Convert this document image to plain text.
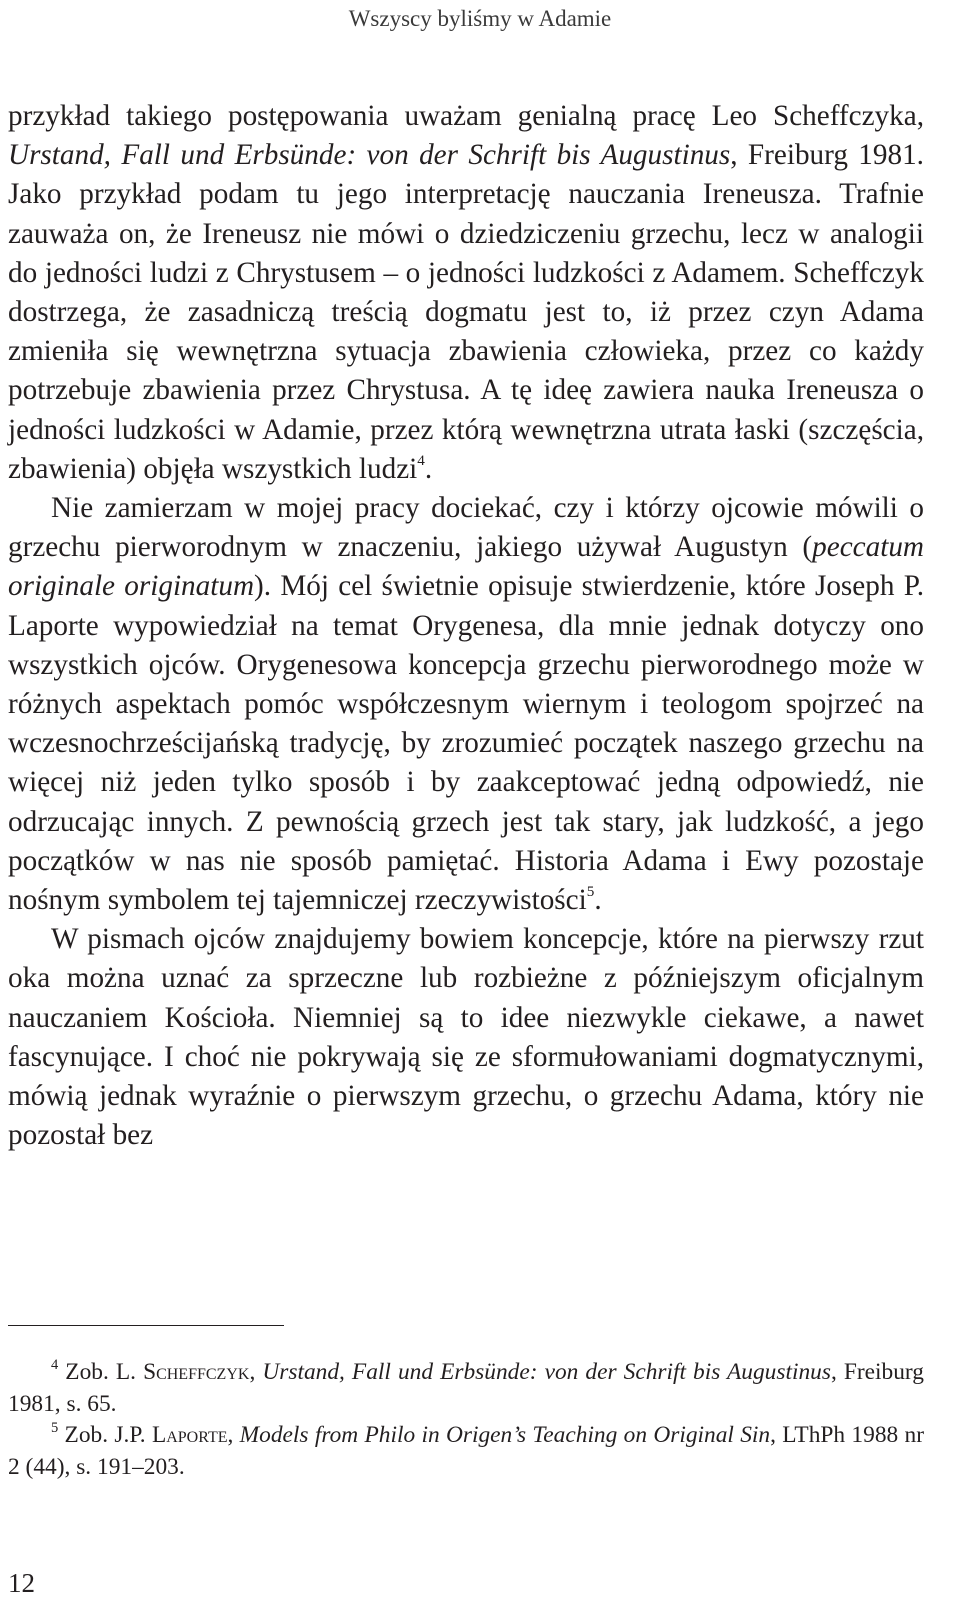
Wszyscy byliśmy w Adamie

przykład takiego postępowania uważam genialną pracę Leo Scheffczyka, Urstand, Fall und Erbsünde: von der Schrift bis Augustinus, Freiburg 1981. Jako przykład podam tu jego interpretację nauczania Ireneusza. Trafnie zauważa on, że Ireneusz nie mówi o dziedziczeniu grzechu, lecz w analogii do jedności ludzi z Chrystusem – o jedności ludzkości z Adamem. Scheffczyk dostrzega, że zasadniczą treścią dogmatu jest to, iż przez czyn Adama zmieniła się wewnętrzna sytuacja zbawienia człowieka, przez co każdy potrzebuje zbawienia przez Chrystusa. A tę ideę zawiera nauka Ireneusza o jedności ludzkości w Adamie, przez którą wewnętrzna utrata łaski (szczęścia, zbawienia) objęła wszystkich ludzi$^4$.

Nie zamierzam w mojej pracy dociekać, czy i którzy ojcowie mówili o grzechu pierworodnym w znaczeniu, jakiego używał Augustyn (peccatum originale originatum). Mój cel świetnie opisuje stwierdzenie, które Joseph P. Laporte wypowiedział na temat Orygenesa, dla mnie jednak dotyczy ono wszystkich ojców. Orygenesowa koncepcja grzechu pierworodnego może w różnych aspektach pomóc współczesnym wiernym i teologom spojrzeć na wczesnochrześcijańską tradycję, by zrozumieć początek naszego grzechu na więcej niż jeden tylko sposób i by zaakceptować jedną odpowiedź, nie odrzucając innych. Z pewnością grzech jest tak stary, jak ludzkość, a jego początków w nas nie sposób pamiętać. Historia Adama i Ewy pozostaje nośnym symbolem tej tajemniczej rzeczywistości$^5$.

W pismach ojców znajdujemy bowiem koncepcje, które na pierwszy rzut oka można uznać za sprzeczne lub rozbieżne z późniejszym oficjalnym nauczaniem Kościoła. Niemniej są to idee niezwykle ciekawe, a nawet fascynujące. I choć nie pokrywają się ze sformułowaniami dogmatycznymi, mówią jednak wyraźnie o pierwszym grzechu, o grzechu Adama, który nie pozostał bez

$^4$ Zob. L. Scheffczyk, Urstand, Fall und Erbsünde: von der Schrift bis Augustinus, Freiburg 1981, s. 65.

$^5$ Zob. J.P. Laporte, Models from Philo in Origen’s Teaching on Original Sin, LThPh 1988 nr 2 (44), s. 191–203.

12
